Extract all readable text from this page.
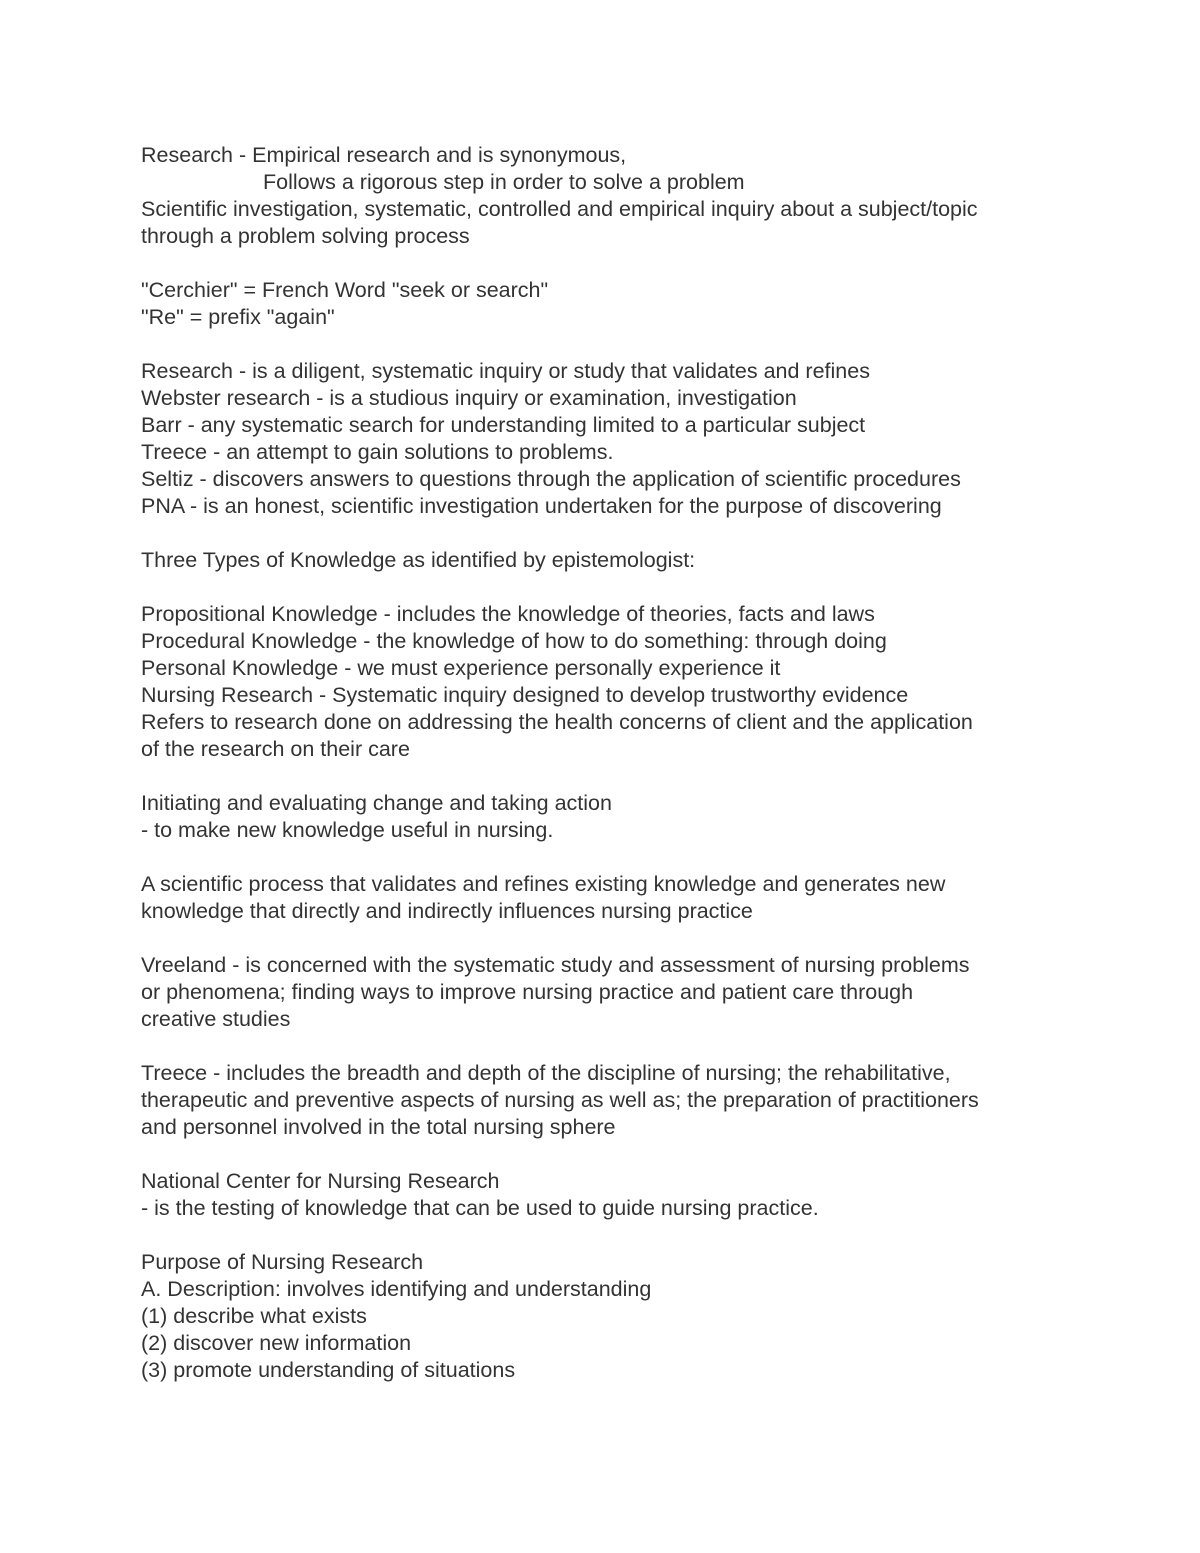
Research - Empirical research and is synonymous,
Follows a rigorous step in order to solve a problem
Scientific investigation, systematic, controlled and empirical inquiry about a subject/topic
through a problem solving process
"Cerchier" = French Word "seek or search"
"Re" = prefix "again"
Research - is a diligent, systematic inquiry or study that validates and refines
Webster research - is a studious inquiry or examination, investigation
Barr - any systematic search for understanding limited to a particular subject
Treece - an attempt to gain solutions to problems.
Seltiz - discovers answers to questions through the application of scientific procedures
PNA - is an honest, scientific investigation undertaken for the purpose of discovering
Three Types of Knowledge as identified by epistemologist:
Propositional Knowledge - includes the knowledge of theories, facts and laws
Procedural Knowledge - the knowledge of how to do something: through doing
Personal Knowledge - we must experience personally experience it
Nursing Research - Systematic inquiry designed to develop trustworthy evidence
Refers to research done on addressing the health concerns of client and the application
of the research on their care
Initiating and evaluating change and taking action
- to make new knowledge useful in nursing.
A scientific process that validates and refines existing knowledge and generates new
knowledge that directly and indirectly influences nursing practice
Vreeland - is concerned with the systematic study and assessment of nursing problems
or phenomena; finding ways to improve nursing practice and patient care through
creative studies
Treece - includes the breadth and depth of the discipline of nursing; the rehabilitative,
therapeutic and preventive aspects of nursing as well as; the preparation of practitioners
and personnel involved in the total nursing sphere
National Center for Nursing Research
- is the testing of knowledge that can be used to guide nursing practice.
Purpose of Nursing Research
A. Description: involves identifying and understanding
(1) describe what exists
(2) discover new information
(3) promote understanding of situations
